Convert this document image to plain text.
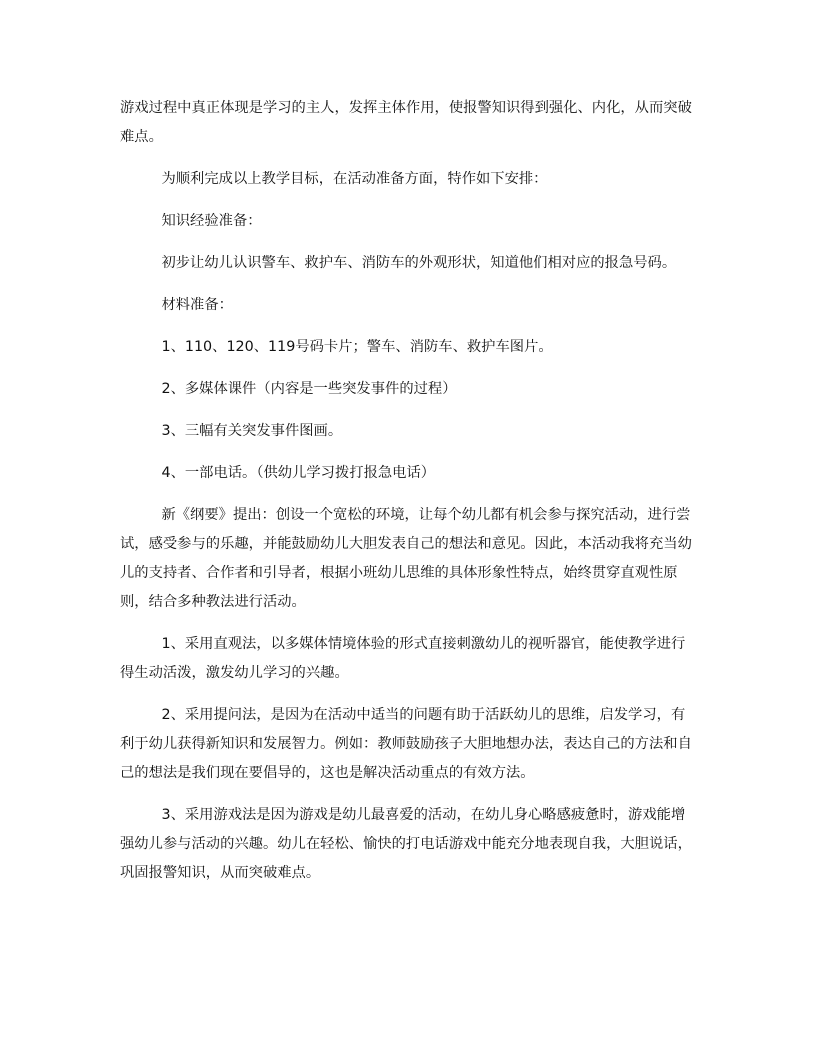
游戏过程中真正体现是学习的主人，发挥主体作用，使报警知识得到强化、内化，从而突破难点。

为顺利完成以上教学目标，在活动准备方面，特作如下安排：

知识经验准备：

初步让幼儿认识警车、救护车、消防车的外观形状，知道他们相对应的报急号码。

材料准备：

1、110、120、119号码卡片；警车、消防车、救护车图片。

2、多媒体课件（内容是一些突发事件的过程）

3、三幅有关突发事件图画。

4、一部电话。（供幼儿学习拨打报急电话）

新《纲要》提出：创设一个宽松的环境，让每个幼儿都有机会参与探究活动，进行尝试，感受参与的乐趣，并能鼓励幼儿大胆发表自己的想法和意见。因此，本活动我将充当幼儿的支持者、合作者和引导者，根据小班幼儿思维的具体形象性特点，始终贯穿直观性原则，结合多种教法进行活动。

1、采用直观法，以多媒体情境体验的形式直接刺激幼儿的视听器官，能使教学进行得生动活泼，激发幼儿学习的兴趣。

2、采用提问法，是因为在活动中适当的问题有助于活跃幼儿的思维，启发学习，有利于幼儿获得新知识和发展智力。例如：教师鼓励孩子大胆地想办法，表达自己的方法和自己的想法是我们现在要倡导的，这也是解决活动重点的有效方法。

3、采用游戏法是因为游戏是幼儿最喜爱的活动，在幼儿身心略感疲惫时，游戏能增强幼儿参与活动的兴趣。幼儿在轻松、愉快的打电话游戏中能充分地表现自我，大胆说话，巩固报警知识，从而突破难点。
